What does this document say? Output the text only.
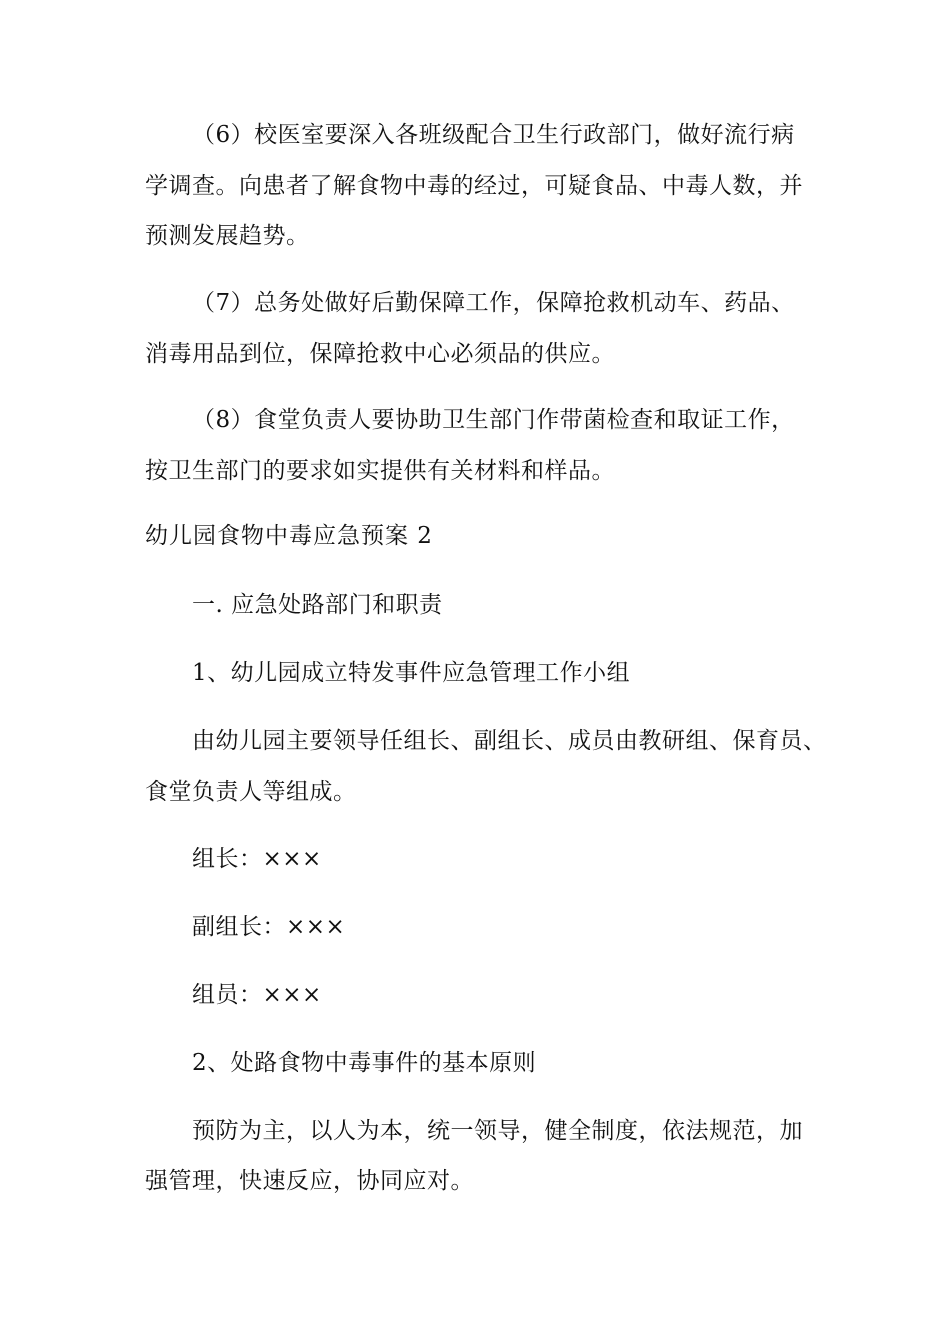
（6）校医室要深入各班级配合卫生行政部门，做好流行病
学调查。向患者了解食物中毒的经过，可疑食品、中毒人数，并
预测发展趋势。
（7）总务处做好后勤保障工作，保障抢救机动车、药品、
消毒用品到位，保障抢救中心必须品的供应。
（8）食堂负责人要协助卫生部门作带菌检查和取证工作，
按卫生部门的要求如实提供有关材料和样品。
幼儿园食物中毒应急预案 2
一. 应急处路部门和职责
1、幼儿园成立特发事件应急管理工作小组
由幼儿园主要领导任组长、副组长、成员由教研组、保育员、
食堂负责人等组成。
组长：×××
副组长：×××
组员：×××
2、处路食物中毒事件的基本原则
预防为主，以人为本，统一领导，健全制度，依法规范，加
强管理，快速反应，协同应对。
